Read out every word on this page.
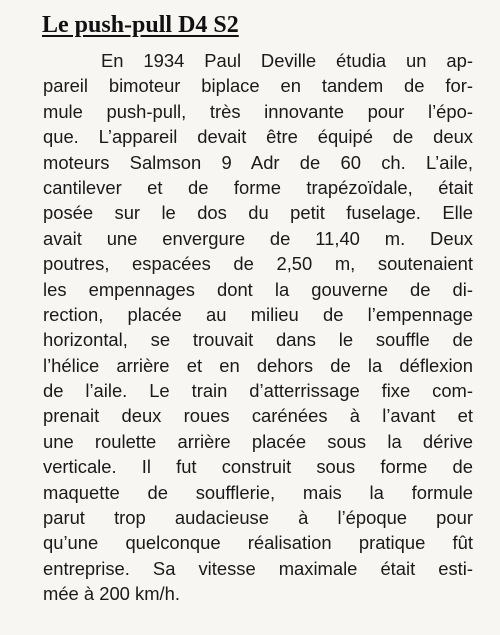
Le push-pull D4 S2
En 1934 Paul Deville étudia un ap-
pareil bimoteur biplace en tandem de for-
mule push-pull, très innovante pour l’épo-
que. L’appareil devait être équipé de deux
moteurs Salmson 9 Adr de 60 ch. L’aile,
cantilever et de forme trapézoïdale, était
posée sur le dos du petit fuselage. Elle
avait une envergure de 11,40 m. Deux
poutres, espacées de 2,50 m, soutenaient
les empennages dont la gouverne de di-
rection, placée au milieu de l’empennage
horizontal, se trouvait dans le souffle de
l’hélice arrière et en dehors de la déflexion
de l’aile. Le train d’atterrissage fixe com-
prenait deux roues carénées à l’avant et
une roulette arrière placée sous la dérive
verticale. Il fut construit sous forme de
maquette de soufflerie, mais la formule
parut trop audacieuse à l’époque pour
qu’une quelconque réalisation pratique fût
entreprise. Sa vitesse maximale était esti-
mée à 200 km/h.
